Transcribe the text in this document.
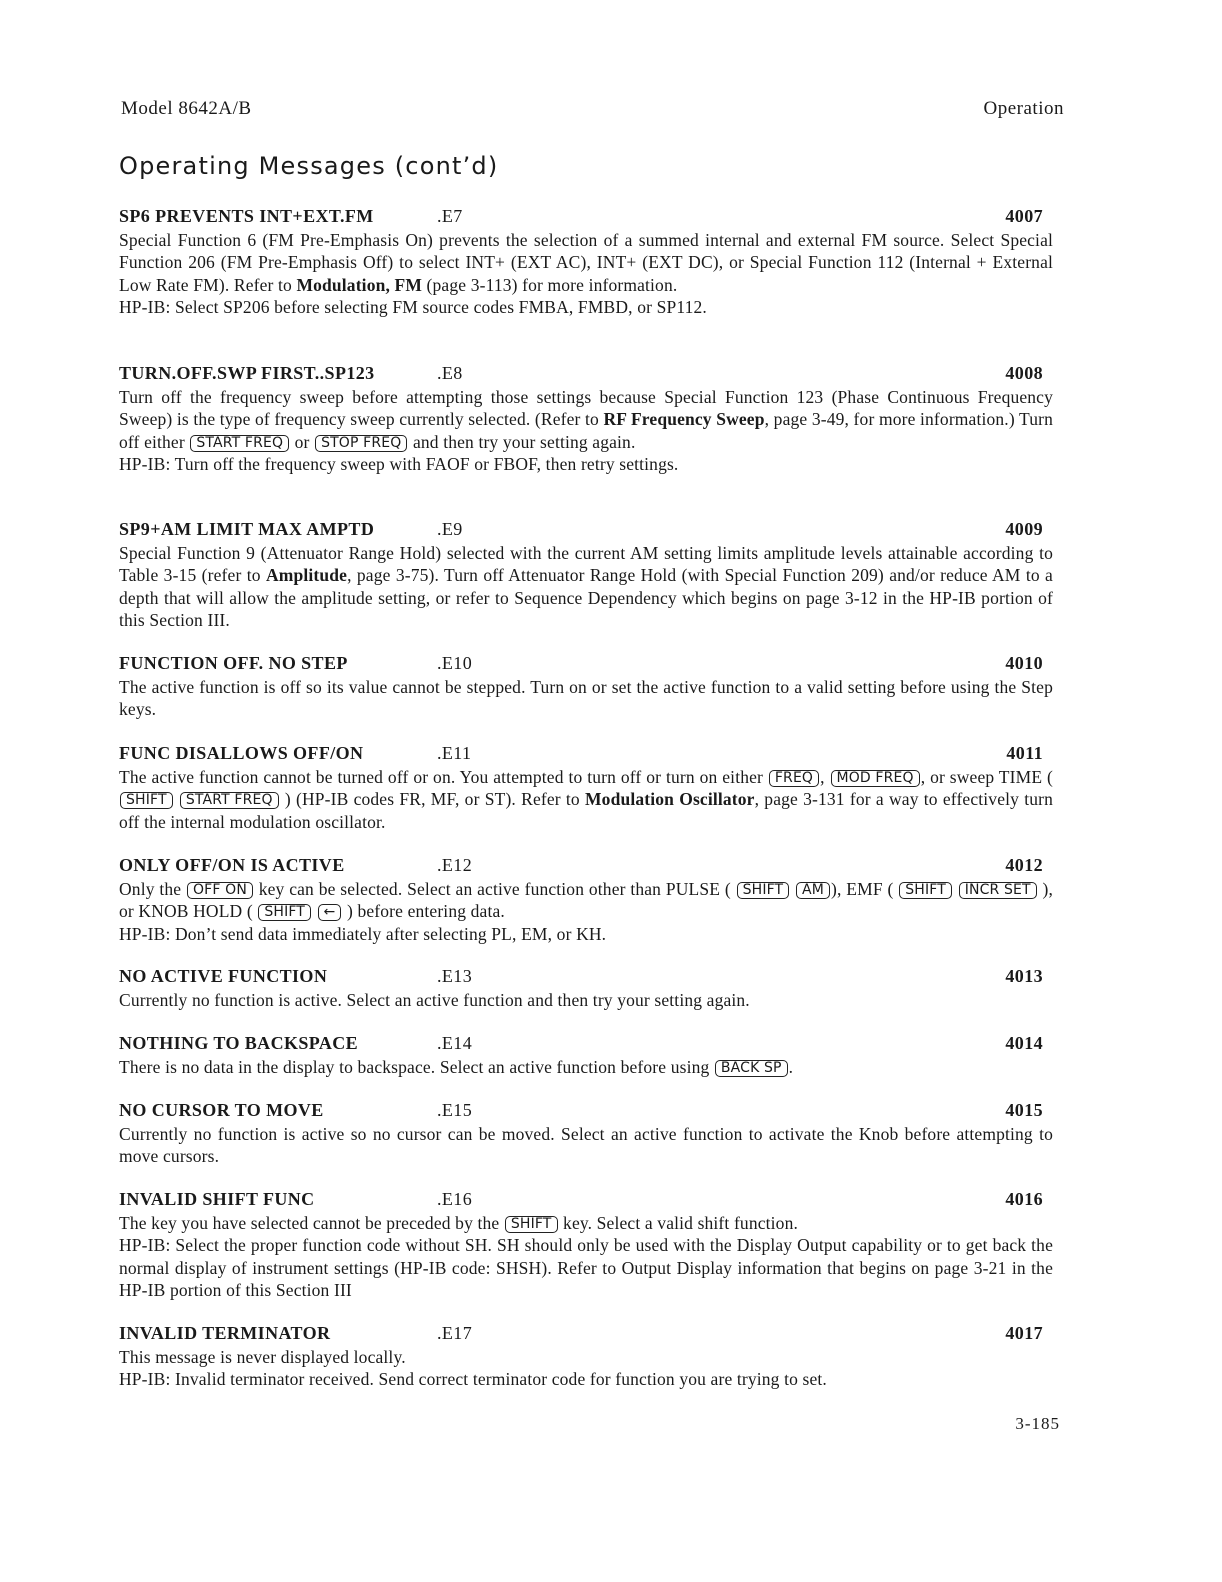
Model 8642A/B	Operation
Operating Messages (cont’d)
SP6 PREVENTS INT+EXT.FM	.E7	4007

Special Function 6 (FM Pre-Emphasis On) prevents the selection of a summed internal and external FM source. Select Special Function 206 (FM Pre-Emphasis Off) to select INT+ (EXT AC), INT+ (EXT DC), or Special Function 112 (Internal + External Low Rate FM). Refer to Modulation, FM (page 3-113) for more information.

HP-IB: Select SP206 before selecting FM source codes FMBA, FMBD, or SP112.

TURN.OFF.SWP FIRST..SP123	.E8	4008

Turn off the frequency sweep before attempting those settings because Special Function 123 (Phase Continuous Frequency Sweep) is the type of frequency sweep currently selected. (Refer to RF Frequency Sweep, page 3-49, for more information.) Turn off either START FREQ or STOP FREQ and then try your setting again.

HP-IB: Turn off the frequency sweep with FAOF or FBOF, then retry settings.

SP9+AM LIMIT MAX AMPTD	.E9	4009

Special Function 9 (Attenuator Range Hold) selected with the current AM setting limits amplitude levels attainable according to Table 3-15 (refer to Amplitude, page 3-75). Turn off Attenuator Range Hold (with Special Function 209) and/or reduce AM to a depth that will allow the amplitude setting, or refer to Sequence Dependency which begins on page 3-12 in the HP-IB portion of this Section III.

FUNCTION OFF. NO STEP	.E10	4010

The active function is off so its value cannot be stepped. Turn on or set the active function to a valid setting before using the Step keys.

FUNC DISALLOWS OFF/ON	.E11	4011

The active function cannot be turned off or on. You attempted to turn off or turn on either FREQ , MOD FREQ , or sweep TIME ( SHIFT START FREQ ) (HP-IB codes FR, MF, or ST). Refer to Modulation Oscillator, page 3-131 for a way to effectively turn off the internal modulation oscillator.

ONLY OFF/ON IS ACTIVE	.E12	4012

Only the OFF ON key can be selected. Select an active function other than PULSE ( SHIFT AM ), EMF ( SHIFT INCR SET ), or KNOB HOLD ( SHIFT ← ) before entering data.

HP-IB: Don’t send data immediately after selecting PL, EM, or KH.

NO ACTIVE FUNCTION	.E13	4013

Currently no function is active. Select an active function and then try your setting again.

NOTHING TO BACKSPACE	.E14	4014

There is no data in the display to backspace. Select an active function before using BACK SP .

NO CURSOR TO MOVE	.E15	4015

Currently no function is active so no cursor can be moved. Select an active function to activate the Knob before attempting to move cursors.

INVALID SHIFT FUNC	.E16	4016

The key you have selected cannot be preceded by the SHIFT key. Select a valid shift function.

HP-IB: Select the proper function code without SH. SH should only be used with the Display Output capability or to get back the normal display of instrument settings (HP-IB code: SHSH). Refer to Output Display information that begins on page 3-21 in the HP-IB portion of this Section III

INVALID TERMINATOR	.E17	4017

This message is never displayed locally.

HP-IB: Invalid terminator received. Send correct terminator code for function you are trying to set.

3-185
